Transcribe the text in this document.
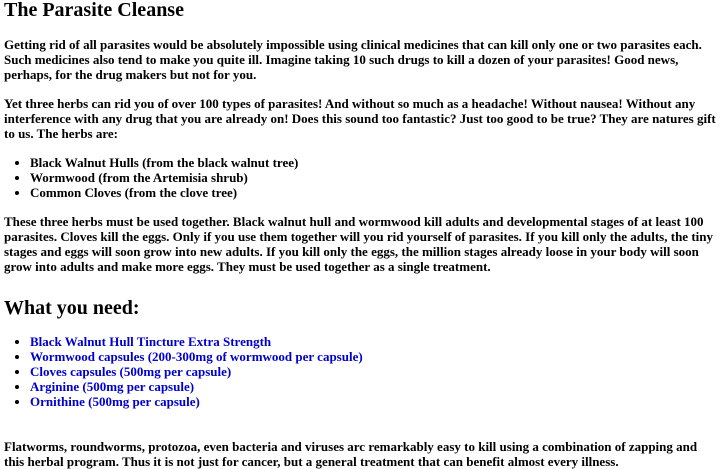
The Parasite Cleanse

Getting rid of all parasites would be absolutely impossible using clinical medicines that can kill only one or two parasites each. Such medicines also tend to make you quite ill. Imagine taking 10 such drugs to kill a dozen of your parasites! Good news, perhaps, for the drug makers but not for you.

Yet three herbs can rid you of over 100 types of parasites! And without so much as a headache! Without nausea! Without any interference with any drug that you are already on! Does this sound too fantastic? Just too good to be true? They are natures gift to us. The herbs are:

• Black Walnut Hulls (from the black walnut tree)
• Wormwood (from the Artemisia shrub)
• Common Cloves (from the clove tree)

These three herbs must be used together. Black walnut hull and wormwood kill adults and developmental stages of at least 100 parasites. Cloves kill the eggs. Only if you use them together will you rid yourself of parasites. If you kill only the adults, the tiny stages and eggs will soon grow into new adults. If you kill only the eggs, the million stages already loose in your body will soon grow into adults and make more eggs. They must be used together as a single treatment.

What you need:
• Black Walnut Hull Tincture Extra Strength
• Wormwood capsules (200-300mg of wormwood per capsule)
• Cloves capsules (500mg per capsule)
• Arginine (500mg per capsule)
• Ornithine (500mg per capsule)

Flatworms, roundworms, protozoa, even bacteria and viruses arc remarkably easy to kill using a combination of zapping and this herbal program. Thus it is not just for cancer, but a general treatment that can benefit almost every illness.
